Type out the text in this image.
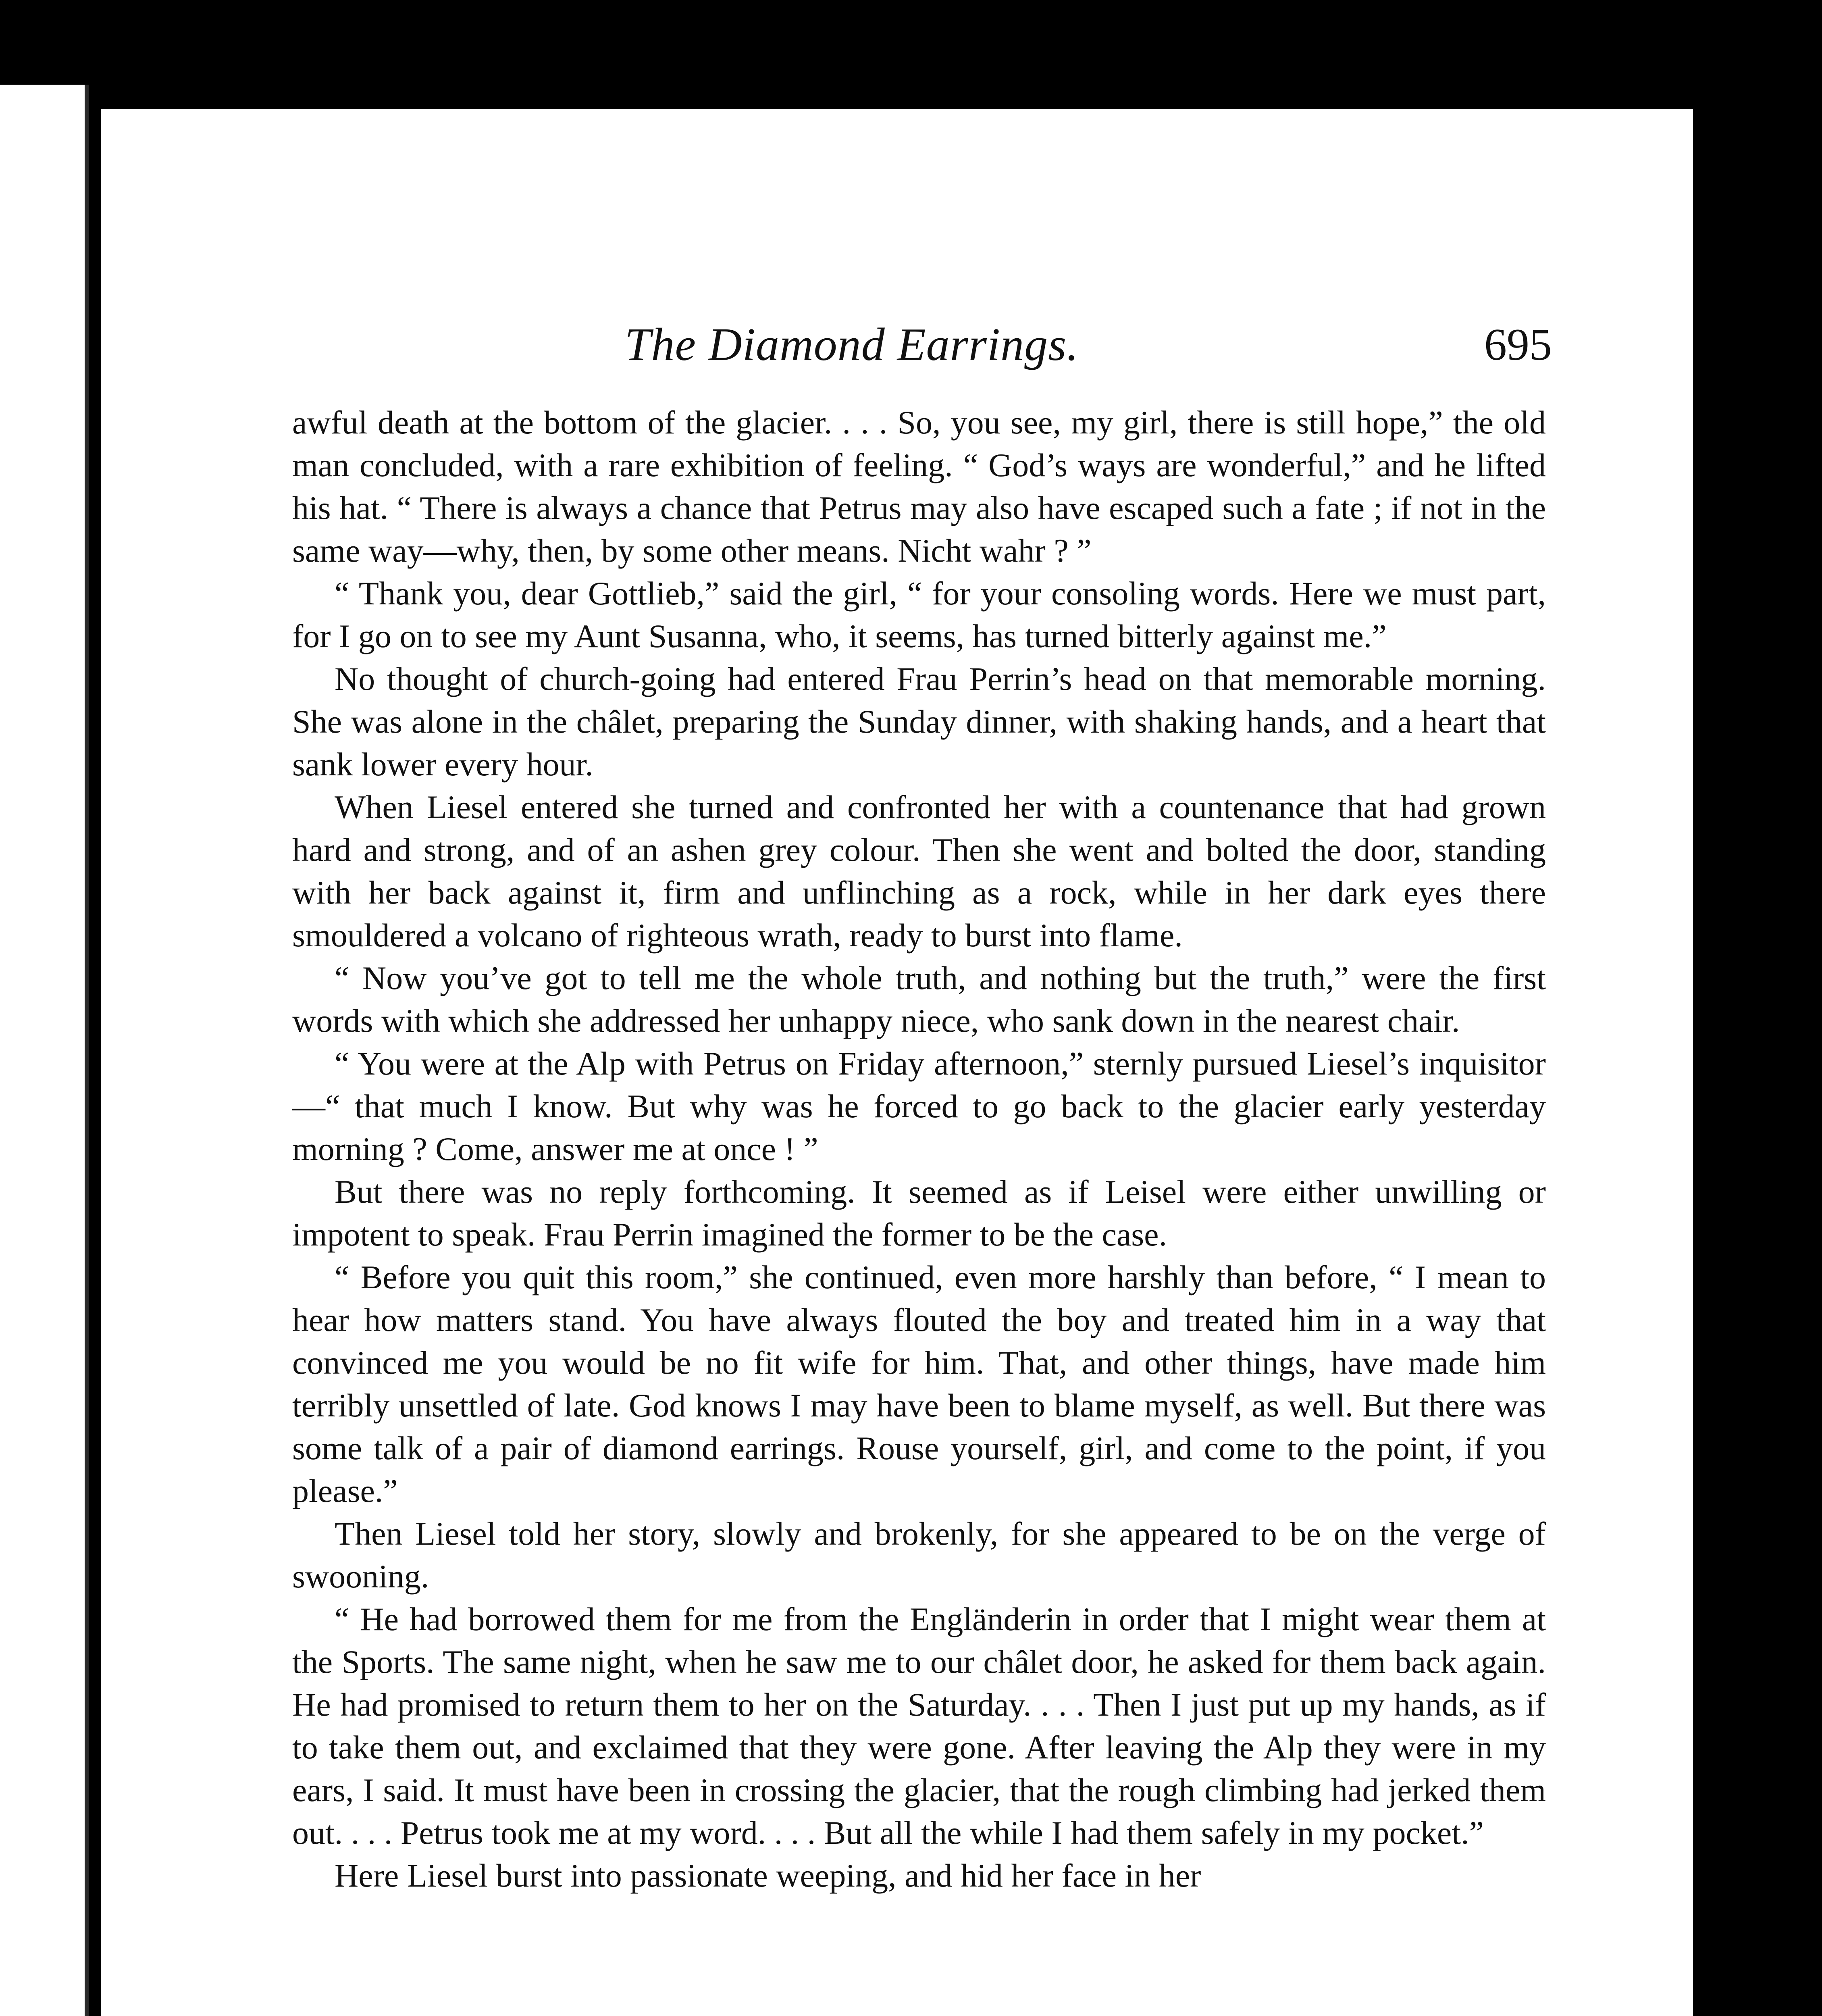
The Diamond Earrings.	695

awful death at the bottom of the glacier. . . . So, you see, my girl, there is still hope,” the old man concluded, with a rare exhibition of feeling. “ God’s ways are wonderful,” and he lifted his hat. “ There is always a chance that Petrus may also have escaped such a fate ; if not in the same way—why, then, by some other means. Nicht wahr ? ”

“ Thank you, dear Gottlieb,” said the girl, “ for your consoling words. Here we must part, for I go on to see my Aunt Susanna, who, it seems, has turned bitterly against me.”

No thought of church-going had entered Frau Perrin’s head on that memorable morning. She was alone in the châlet, preparing the Sunday dinner, with shaking hands, and a heart that sank lower every hour.

When Liesel entered she turned and confronted her with a countenance that had grown hard and strong, and of an ashen grey colour. Then she went and bolted the door, standing with her back against it, firm and unflinching as a rock, while in her dark eyes there smouldered a volcano of righteous wrath, ready to burst into flame.

“ Now you’ve got to tell me the whole truth, and nothing but the truth,” were the first words with which she addressed her unhappy niece, who sank down in the nearest chair.

“ You were at the Alp with Petrus on Friday afternoon,” sternly pursued Liesel’s inquisitor—“ that much I know. But why was he forced to go back to the glacier early yesterday morning ? Come, answer me at once ! ”

But there was no reply forthcoming. It seemed as if Leisel were either unwilling or impotent to speak. Frau Perrin imagined the former to be the case.

“ Before you quit this room,” she continued, even more harshly than before, “ I mean to hear how matters stand. You have always flouted the boy and treated him in a way that convinced me you would be no fit wife for him. That, and other things, have made him terribly unsettled of late. God knows I may have been to blame myself, as well. But there was some talk of a pair of diamond earrings. Rouse yourself, girl, and come to the point, if you please.”

Then Liesel told her story, slowly and brokenly, for she appeared to be on the verge of swooning.

“ He had borrowed them for me from the Engländerin in order that I might wear them at the Sports. The same night, when he saw me to our châlet door, he asked for them back again. He had promised to return them to her on the Saturday. . . . Then I just put up my hands, as if to take them out, and exclaimed that they were gone. After leaving the Alp they were in my ears, I said. It must have been in crossing the glacier, that the rough climbing had jerked them out. . . . Petrus took me at my word. . . . But all the while I had them safely in my pocket.”

Here Liesel burst into passionate weeping, and hid her face in her
